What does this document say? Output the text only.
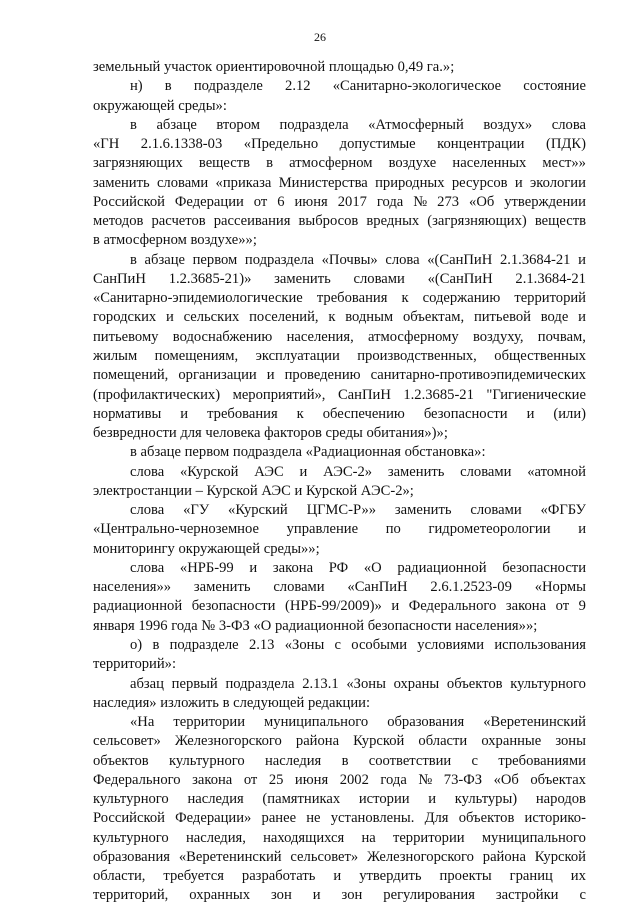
26
земельный участок ориентировочной площадью 0,49 га.»;
н) в подразделе 2.12 «Санитарно-экологическое состояние
окружающей среды»:
в абзаце втором подраздела «Атмосферный воздух» слова
«ГН 2.1.6.1338-03 «Предельно допустимые концентрации (ПДК)
загрязняющих веществ в атмосферном воздухе населенных мест»»
заменить словами «приказа Министерства природных ресурсов и экологии
Российской Федерации от 6 июня 2017 года № 273 «Об утверждении
методов расчетов рассеивания выбросов вредных (загрязняющих) веществ
в атмосферном воздухе»»;
в абзаце первом подраздела «Почвы» слова «(СанПиН 2.1.3684-21 и
СанПиН 1.2.3685-21)» заменить словами «(СанПиН 2.1.3684-21
«Санитарно-эпидемиологические требования к содержанию территорий
городских и сельских поселений, к водным объектам, питьевой воде и
питьевому водоснабжению населения, атмосферному воздуху, почвам,
жилым помещениям, эксплуатации производственных, общественных
помещений, организации и проведению санитарно-противоэпидемических
(профилактических) мероприятий», СанПиН 1.2.3685-21 "Гигиенические
нормативы и требования к обеспечению безопасности и (или)
безвредности для человека факторов среды обитания»)»;
в абзаце первом подраздела «Радиационная обстановка»:
слова «Курской АЭС и АЭС-2» заменить словами «атомной
электростанции – Курской АЭС и Курской АЭС-2»;
слова «ГУ «Курский ЦГМС-Р»» заменить словами «ФГБУ
«Центрально-черноземное управление по гидрометеорологии и
мониторингу окружающей среды»»;
слова «НРБ-99 и закона РФ «О радиационной безопасности
населения»» заменить словами «СанПиН 2.6.1.2523-09 «Нормы
радиационной безопасности (НРБ-99/2009)» и Федерального закона от 9
января 1996 года № 3-ФЗ «О радиационной безопасности населения»»;
о) в подразделе 2.13 «Зоны с особыми условиями использования
территорий»:
абзац первый подраздела 2.13.1 «Зоны охраны объектов культурного
наследия» изложить в следующей редакции:
«На территории муниципального образования «Веретенинский
сельсовет» Железногорского района Курской области охранные зоны
объектов культурного наследия в соответствии с требованиями
Федерального закона от 25 июня 2002 года № 73-ФЗ «Об объектах
культурного наследия (памятниках истории и культуры) народов
Российской Федерации» ранее не установлены. Для объектов историко-
культурного наследия, находящихся на территории муниципального
образования «Веретенинский сельсовет» Железногорского района Курской
области, требуется разработать и утвердить проекты границ их
территорий, охранных зон и зон регулирования застройки с
